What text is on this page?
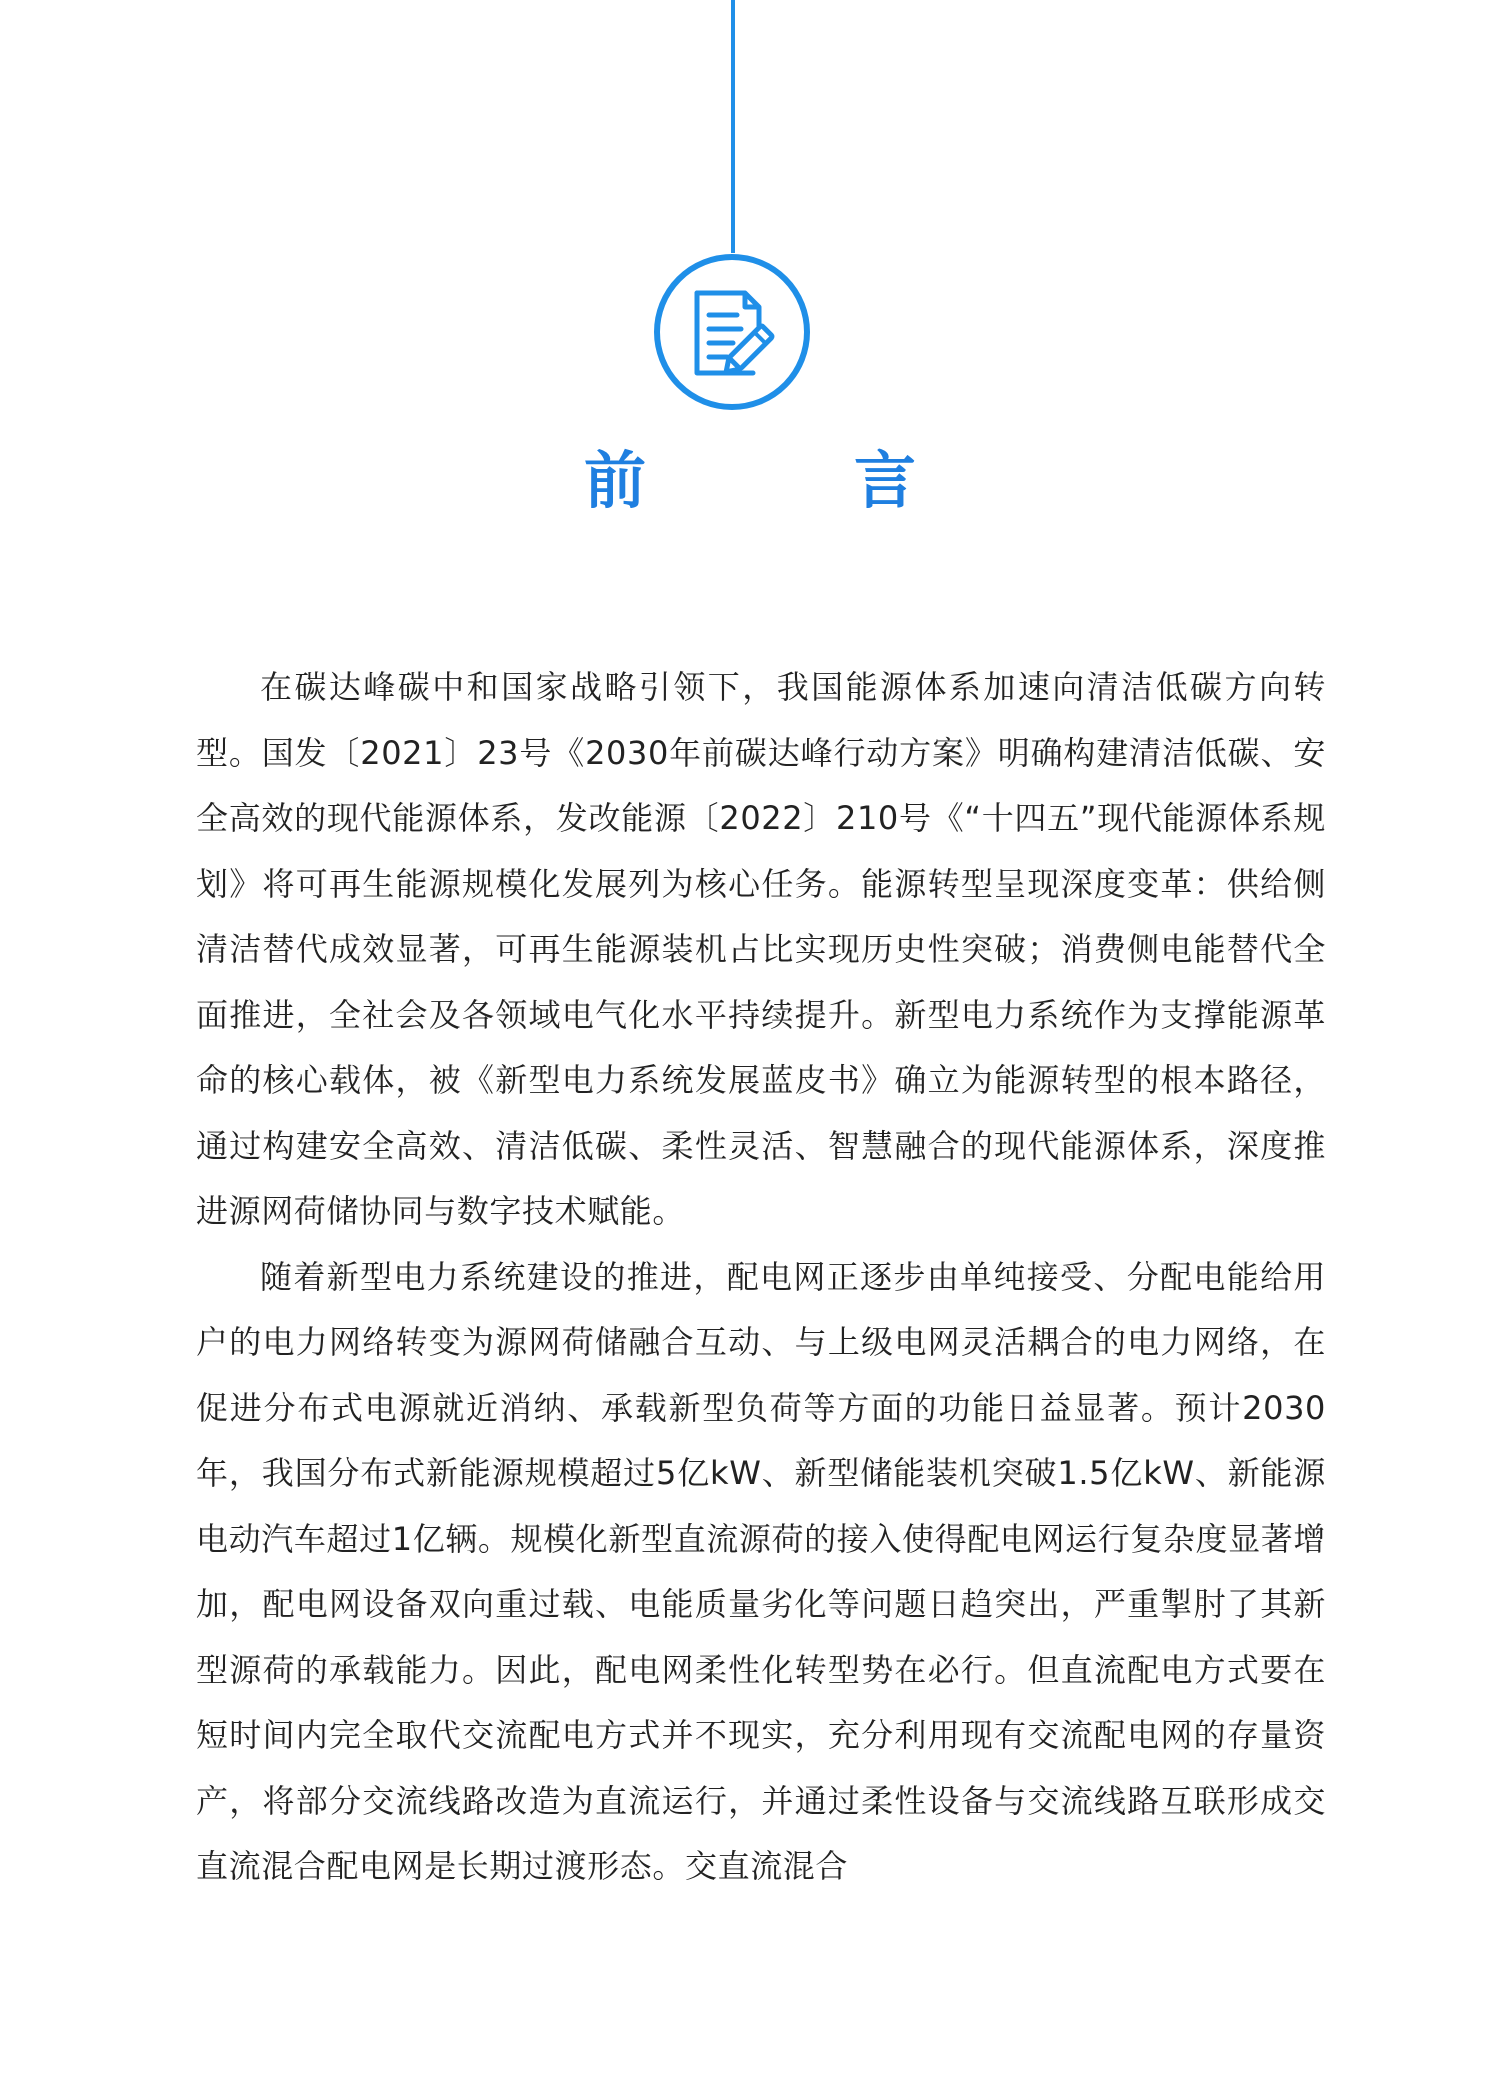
前	言

在碳达峰碳中和国家战略引领下，我国能源体系加速向清洁低碳方向转型。国发〔2021〕23号《2030年前碳达峰行动方案》明确构建清洁低碳、安全高效的现代能源体系，发改能源〔2022〕210号《“十四五”现代能源体系规划》将可再生能源规模化发展列为核心任务。能源转型呈现深度变革：供给侧清洁替代成效显著，可再生能源装机占比实现历史性突破；消费侧电能替代全面推进，全社会及各领域电气化水平持续提升。新型电力系统作为支撑能源革命的核心载体，被《新型电力系统发展蓝皮书》确立为能源转型的根本路径，通过构建安全高效、清洁低碳、柔性灵活、智慧融合的现代能源体系，深度推进源网荷储协同与数字技术赋能。

随着新型电力系统建设的推进，配电网正逐步由单纯接受、分配电能给用户的电力网络转变为源网荷储融合互动、与上级电网灵活耦合的电力网络，在促进分布式电源就近消纳、承载新型负荷等方面的功能日益显著。预计2030年，我国分布式新能源规模超过5亿kW、新型储能装机突破1.5亿kW、新能源电动汽车超过1亿辆。规模化新型直流源荷的接入使得配电网运行复杂度显著增加，配电网设备双向重过载、电能质量劣化等问题日趋突出，严重掣肘了其新型源荷的承载能力。因此，配电网柔性化转型势在必行。但直流配电方式要在短时间内完全取代交流配电方式并不现实，充分利用现有交流配电网的存量资产，将部分交流线路改造为直流运行，并通过柔性设备与交流线路互联形成交直流混合配电网是长期过渡形态。交直流混合
